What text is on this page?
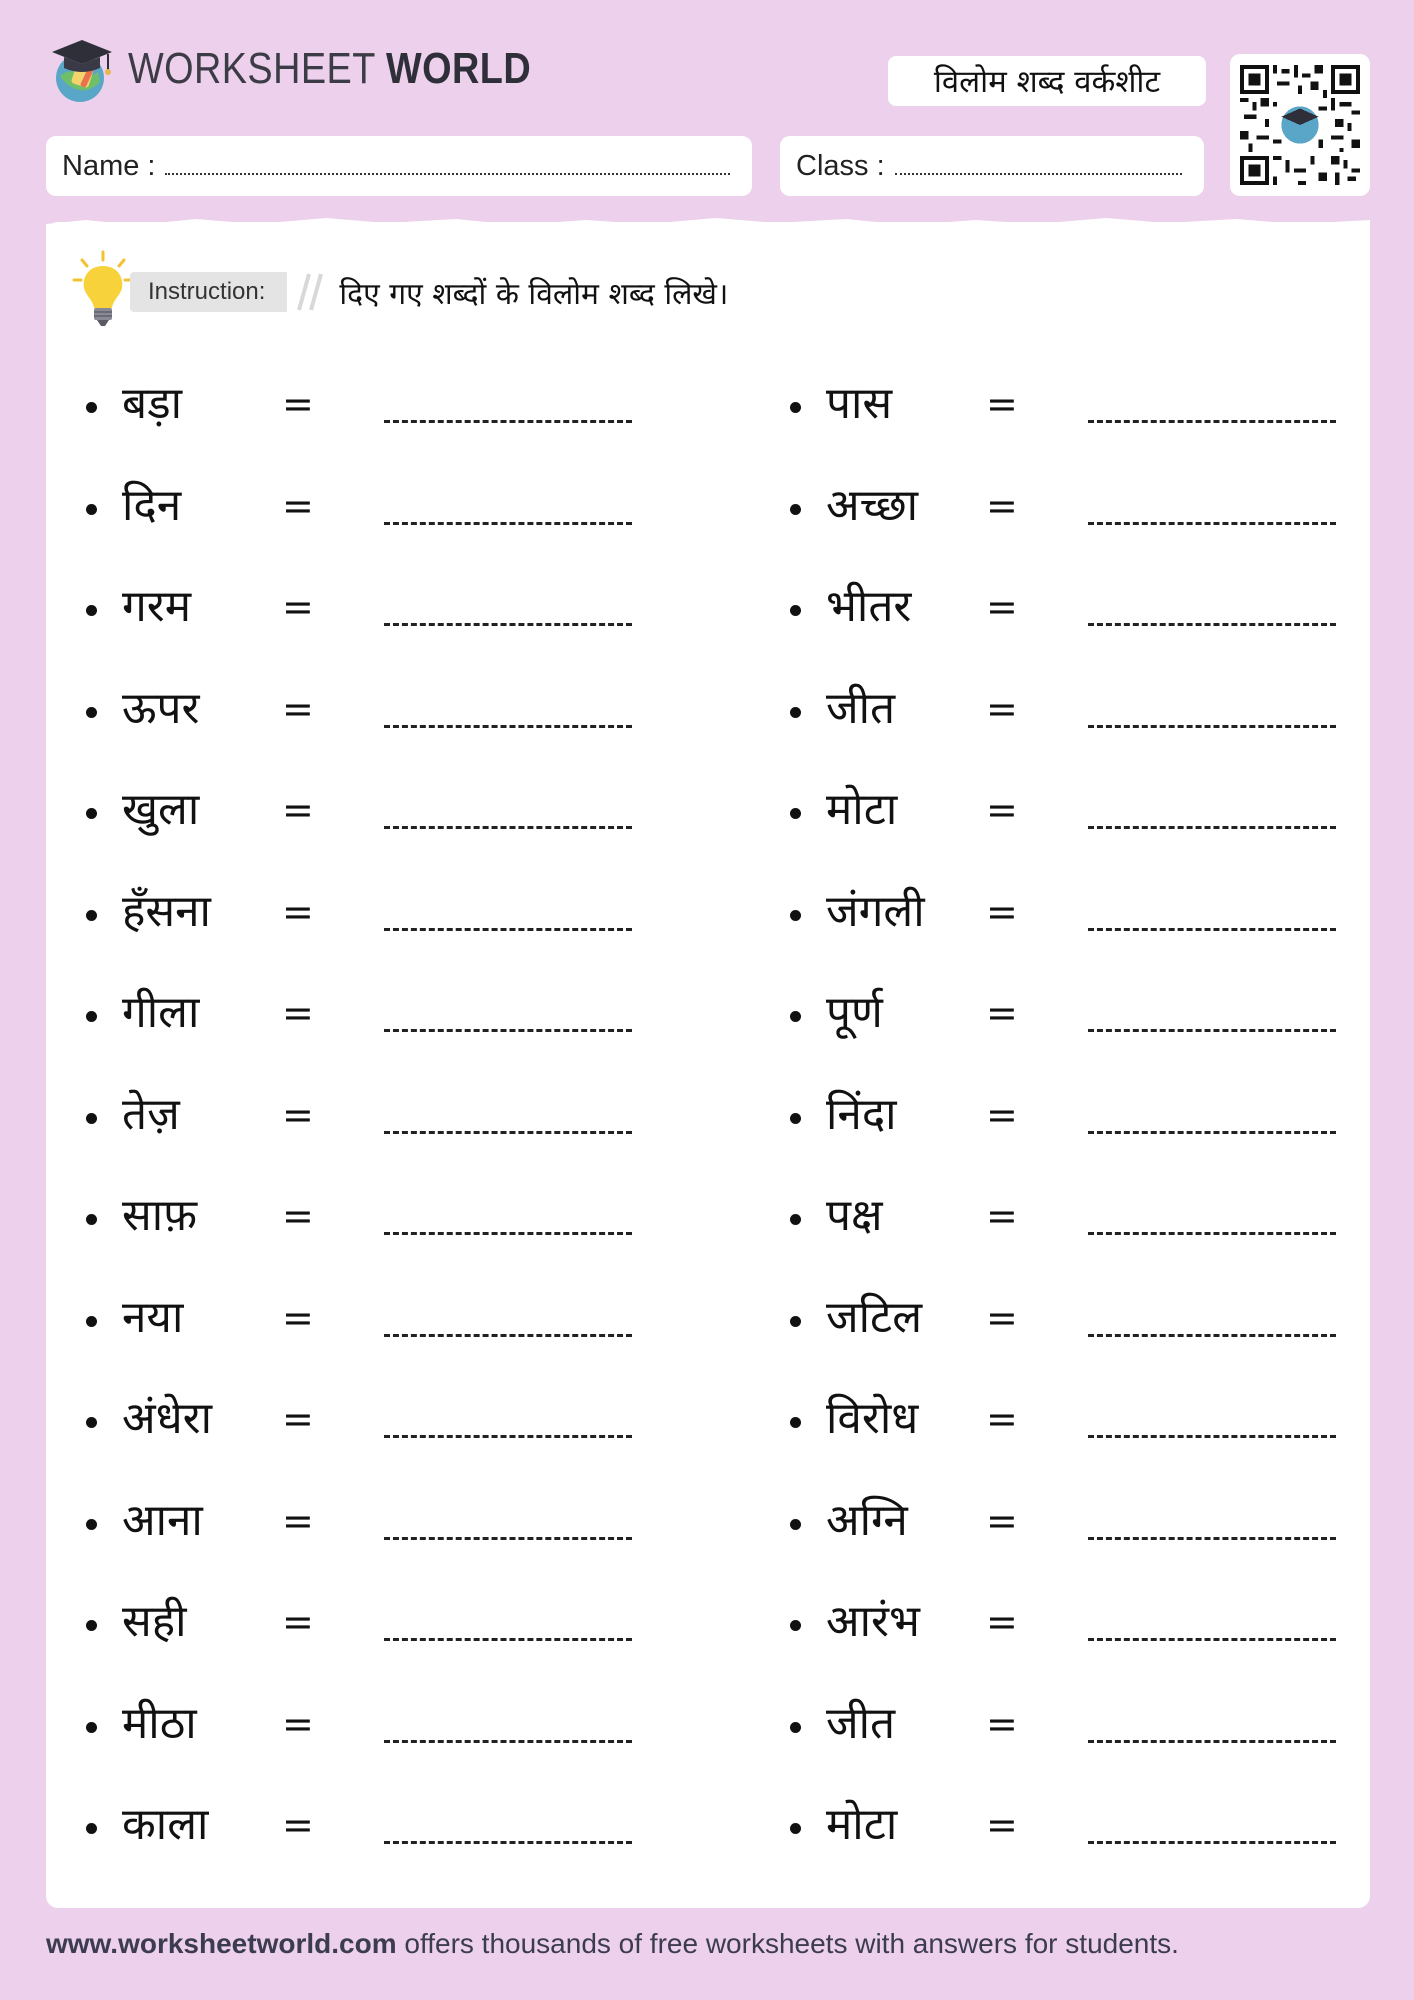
WORKSHEET WORLD	विलोम शब्द वर्कशीट
Name :	Class :
Instruction:	दिए गए शब्दों के विलोम शब्द लिखे।
बड़ा	=
दिन	=
गरम =
ऊपर =
खुला =
हँसना =
गीला =
तेज़	=
साफ़ =
नया	=
अंधेरा =
आना =
सही	=
मीठा =
काला =
पास =
अच्छा =
भीतर =
जीत =
मोटा =
जंगली =
पूर्ण	=
निंदा =
पक्ष	=
जटिल =
विरोध =
अग्नि =
आरंभ =
जीत =
मोटा =
www.worksheetworld.com offers thousands of free worksheets with answers for students.
